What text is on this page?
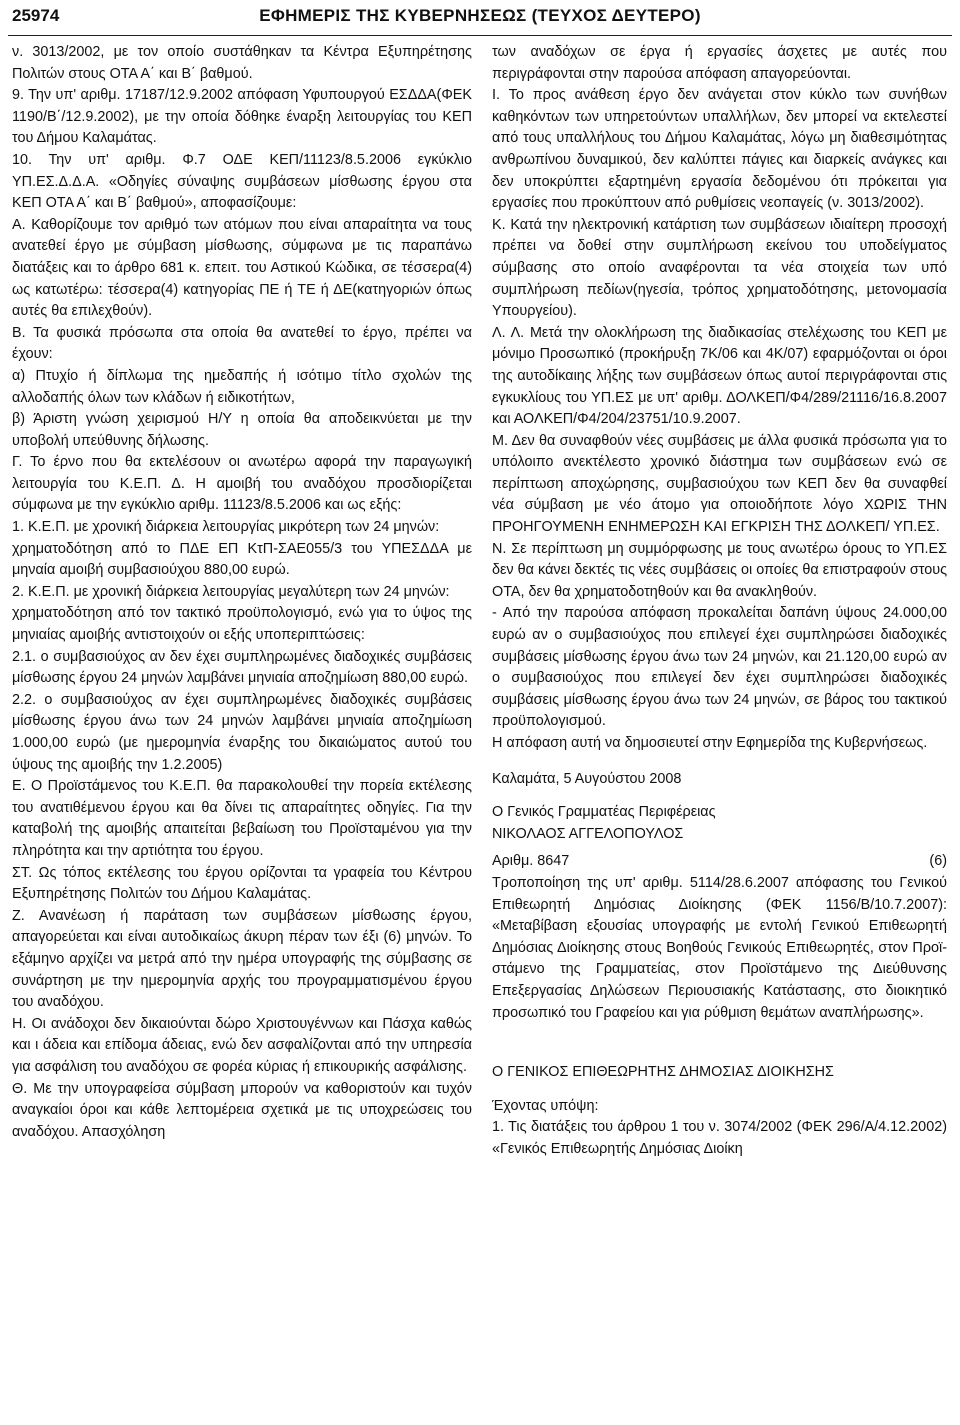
25974	ΕΦΗΜΕΡΙΣ ΤΗΣ ΚΥΒΕΡΝΗΣΕΩΣ (ΤΕΥΧΟΣ ΔΕΥΤΕΡΟ)

ν. 3013/2002, με τον οποίο συστάθηκαν τα Κέντρα Εξυπηρέτησης Πολιτών στους ΟΤΑ Α΄ και Β΄ βαθμού.

9. Την υπ' αριθμ. 17187/12.9.2002 απόφαση Υφυπουργού ΕΣΔΔΑ(ΦΕΚ 1190/Β΄/12.9.2002), με την οποία δόθηκε έναρξη λειτουργίας του ΚΕΠ του Δήμου Καλαμάτας.

10. Την υπ' αριθμ. Φ.7 ΟΔΕ ΚΕΠ/11123/8.5.2006 εγκύκλιο ΥΠ.ΕΣ.Δ.Δ.Α. «Οδηγίες σύναψης συμβάσεων μίσθωσης έργου στα ΚΕΠ ΟΤΑ Α΄ και Β΄ βαθμού», αποφασίζουμε:

Α. Καθορίζουμε τον αριθμό των ατόμων που είναι απαραίτητα να τους ανατεθεί έργο με σύμβαση μίσθωσης, σύμφωνα με τις παραπάνω διατάξεις και το άρθρο 681 κ. επειτ. του Αστικού Κώδικα, σε τέσσερα(4) ως κατωτέρω: τέσσερα(4) κατηγορίας ΠΕ ή ΤΕ ή ΔΕ(κατηγοριών όπως αυτές θα επιλεχθούν).

Β. Τα φυσικά πρόσωπα στα οποία θα ανατεθεί το έργο, πρέπει να έχουν:

α) Πτυχίο ή δίπλωμα της ημεδαπής ή ισότιμο τίτλο σχολών της αλλοδαπής όλων των κλάδων ή ειδικοτήτων,

β) Άριστη γνώση χειρισμού Η/Υ η οποία θα αποδεικνύεται με την υποβολή υπεύθυνης δήλωσης.

Γ. Το έρνο που θα εκτελέσουν οι ανωτέρω αφορά την παραγωγική λειτουργία του Κ.Ε.Π. Δ. Η αμοιβή του αναδόχου προσδιορίζεται σύμφωνα με την εγκύκλιο αριθμ. 11123/8.5.2006 και ως εξής:

1. Κ.Ε.Π. με χρονική διάρκεια λειτουργίας μικρότερη των 24 μηνών:

χρηματοδότηση από το ΠΔΕ ΕΠ ΚτΠ-ΣΑΕ055/3 του ΥΠΕΣΔΔΑ με μηναία αμοιβή συμβασιούχου 880,00 ευρώ.

2. Κ.Ε.Π. με χρονική διάρκεια λειτουργίας μεγαλύτερη των 24 μηνών:

χρηματοδότηση από τον τακτικό προϋπολογισμό, ενώ για το ύψος της μηνιαίας αμοιβής αντιστοιχούν οι εξής υποπεριπτώσεις:

2.1. ο συμβασιούχος αν δεν έχει συμπληρωμένες διαδοχικές συμβάσεις μίσθωσης έργου 24 μηνών λαμβάνει μηνιαία αποζημίωση 880,00 ευρώ.

2.2. ο συμβασιούχος αν έχει συμπληρωμένες διαδοχικές συμβάσεις μίσθωσης έργου άνω των 24 μηνών λαμβάνει μηνιαία αποζημίωση 1.000,00 ευρώ (με ημερομηνία έναρξης του δικαιώματος αυτού του ύψους της αμοιβής την 1.2.2005)

Ε. Ο Προϊστάμενος του Κ.Ε.Π. θα παρακολουθεί την πορεία εκτέλεσης του ανατιθέμενου έργου και θα δίνει τις απαραίτητες οδηγίες. Για την καταβολή της αμοιβής απαιτείται βεβαίωση του Προϊσταμένου για την πληρότητα και την αρτιότητα του έργου.

ΣΤ. Ως τόπος εκτέλεσης του έργου ορίζονται τα γραφεία του Κέντρου Εξυπηρέτησης Πολιτών του Δήμου Καλαμάτας.

Ζ. Ανανέωση ή παράταση των συμβάσεων μίσθωσης έργου, απαγορεύεται και είναι αυτοδικαίως άκυρη πέραν των έξι (6) μηνών. Το εξάμηνο αρχίζει να μετρά από την ημέρα υπογραφής της σύμβασης σε συνάρτηση με την ημερομηνία αρχής του προγραμματισμένου έργου του αναδόχου.

Η. Οι ανάδοχοι δεν δικαιούνται δώρο Χριστουγέννων και Πάσχα καθώς και ι άδεια και επίδομα άδειας, ενώ δεν ασφαλίζονται από την υπηρεσία για ασφάλιση του αναδόχου σε φορέα κύριας ή επικουρικής ασφάλισης.

Θ. Με την υπογραφείσα σύμβαση μπορούν να καθοριστούν και τυχόν αναγκαίοι όροι και κάθε λεπτομέρεια σχετικά με τις υποχρεώσεις του αναδόχου. Απασχόληση

των αναδόχων σε έργα ή εργασίες άσχετες με αυτές που περιγράφονται στην παρούσα απόφαση απαγορεύονται.

Ι. Το προς ανάθεση έργο δεν ανάγεται στον κύκλο των συνήθων καθηκόντων των υπηρετούντων υπαλλήλων, δεν μπορεί να εκτελεστεί από τους υπαλλήλους του Δήμου Καλαμάτας, λόγω μη διαθεσιμότητας ανθρωπίνου δυναμικού, δεν καλύπτει πάγιες και διαρκείς ανάγκες και δεν υποκρύπτει εξαρτημένη εργασία δεδομένου ότι πρόκειται για εργασίες που προκύπτουν από ρυθμίσεις νεοπαγείς (ν. 3013/2002).

Κ. Κατά την ηλεκτρονική κατάρτιση των συμβάσεων ιδιαίτερη προσοχή πρέπει να δοθεί στην συμπλήρωση εκείνου του υποδείγματος σύμβασης στο οποίο αναφέρονται τα νέα στοιχεία των υπό συμπλήρωση πεδίων(ηγεσία, τρόπος χρηματοδότησης, μετονομασία Υπουργείου).

Λ. Λ. Μετά την ολοκλήρωση της διαδικασίας στελέχωσης του ΚΕΠ με μόνιμο Προσωπικό (προκήρυξη 7Κ/06 και 4Κ/07) εφαρμόζονται οι όροι της αυτοδίκαιης λήξης των συμβάσεων όπως αυτοί περιγράφονται στις εγκυκλίους του ΥΠ.ΕΣ με υπ' αριθμ. ΔΟΛΚΕΠ/Φ4/289/21116/16.8.2007 και ΑΟΛΚΕΠ/Φ4/204/23751/10.9.2007.

Μ. Δεν θα συναφθούν νέες συμβάσεις με άλλα φυσικά πρόσωπα για το υπόλοιπο ανεκτέλεστο χρονικό διάστημα των συμβάσεων ενώ σε περίπτωση αποχώρησης, συμβασιούχου των ΚΕΠ δεν θα συναφθεί νέα σύμβαση με νέο άτομο για οποιοδήποτε λόγο ΧΩΡΙΣ ΤΗΝ ΠΡΟΗΓΟΥΜΕΝΗ ΕΝΗΜΕΡΩΣΗ ΚΑΙ ΕΓΚΡΙΣΗ ΤΗΣ ΔΟΛΚΕΠ/ ΥΠ.ΕΣ.

Ν. Σε περίπτωση μη συμμόρφωσης με τους ανωτέρω όρους το ΥΠ.ΕΣ δεν θα κάνει δεκτές τις νέες συμβάσεις οι οποίες θα επιστραφούν στους ΟΤΑ, δεν θα χρηματοδοτηθούν και θα ανακληθούν.

- Από την παρούσα απόφαση προκαλείται δαπάνη ύψους 24.000,00 ευρώ αν ο συμβασιούχος που επιλεγεί έχει συμπληρώσει διαδοχικές συμβάσεις μίσθωσης έργου άνω των 24 μηνών, και 21.120,00 ευρώ αν ο συμβασιούχος που επιλεγεί δεν έχει συμπληρώσει διαδοχικές συμβάσεις μίσθωσης έργου άνω των 24 μηνών, σε βάρος του τακτικού προϋπολογισμού.

Η απόφαση αυτή να δημοσιευτεί στην Εφημερίδα της Κυβερνήσεως.

Καλαμάτα, 5 Αυγούστου 2008

Ο Γενικός Γραμματέας Περιφέρειας

ΝΙΚΟΛΑΟΣ ΑΓΓΕΛΟΠΟΥΛΟΣ

Αριθμ. 8647	(6)

Τροποποίηση της υπ' αριθμ. 5114/28.6.2007 απόφασης του Γενικού Επιθεωρητή Δημόσιας Διοίκησης (ΦΕΚ 1156/Β/10.7.2007): «Μεταβίβαση εξουσίας υπογραφής με εντολή Γενικού Επιθεωρητή Δημόσιας Διοίκησης στους Βοηθούς Γενικούς Επιθεωρητές, στον Προϊστάμενο της Γραμματείας, στον Προϊστάμενο της Διεύθυνσης Επεξεργασίας Δηλώσεων Περιουσιακής Κατάστασης, στο διοικητικό προσωπικό του Γραφείου και για ρύθμιση θεμάτων αναπλήρωσης».

Ο ΓΕΝΙΚΟΣ ΕΠΙΘΕΩΡΗΤΗΣ ΔΗΜΟΣΙΑΣ ΔΙΟΙΚΗΣΗΣ

Έχοντας υπόψη:

1. Τις διατάξεις του άρθρου 1 του ν. 3074/2002 (ΦΕΚ 296/Α/4.12.2002) «Γενικός Επιθεωρητής Δημόσιας Διοίκη
